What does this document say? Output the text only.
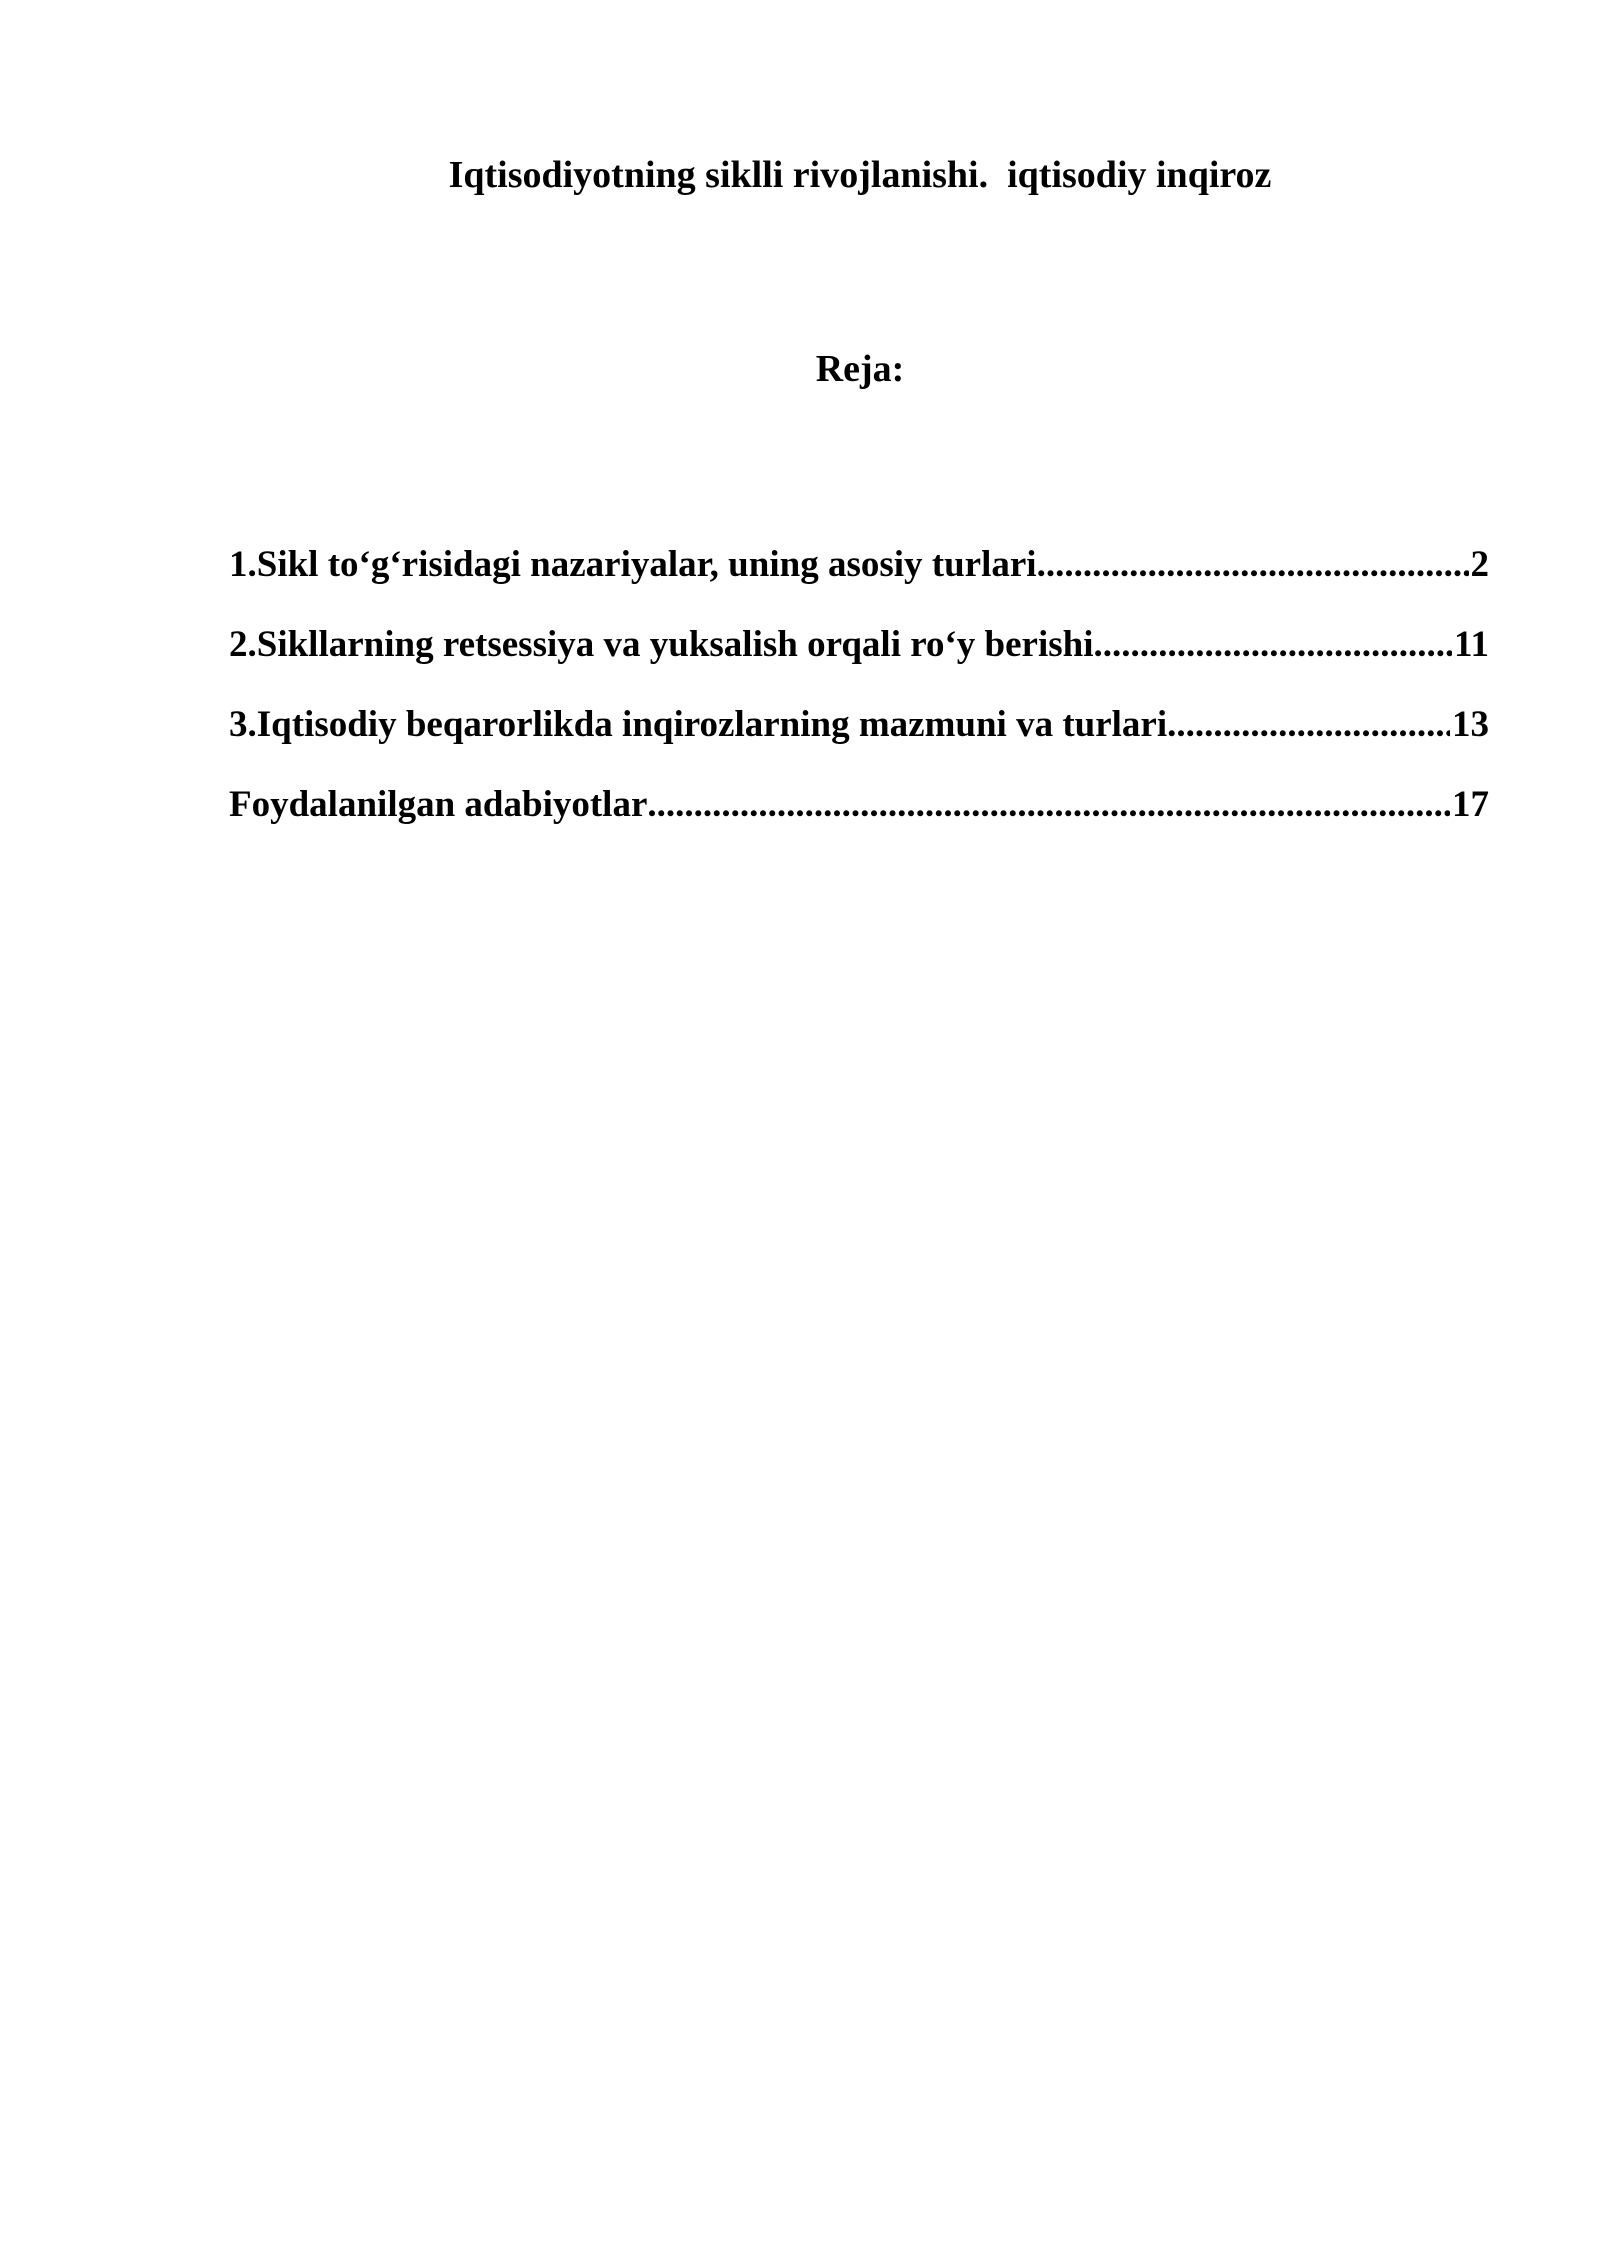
Iqtisodiyotning siklli rivojlanishi.  iqtisodiy inqiroz
Reja:
1.Sikl to‘g‘risidagi nazariyalar, uning asosiy turlari .....	2
2.Sikllarning retsessiya va yuksalish orqali ro‘y berishi .....	11
3.Iqtisodiy beqarorlikda inqirozlarning mazmuni va turlari .....	13
Foydalanilgan adabiyotlar .....	17
